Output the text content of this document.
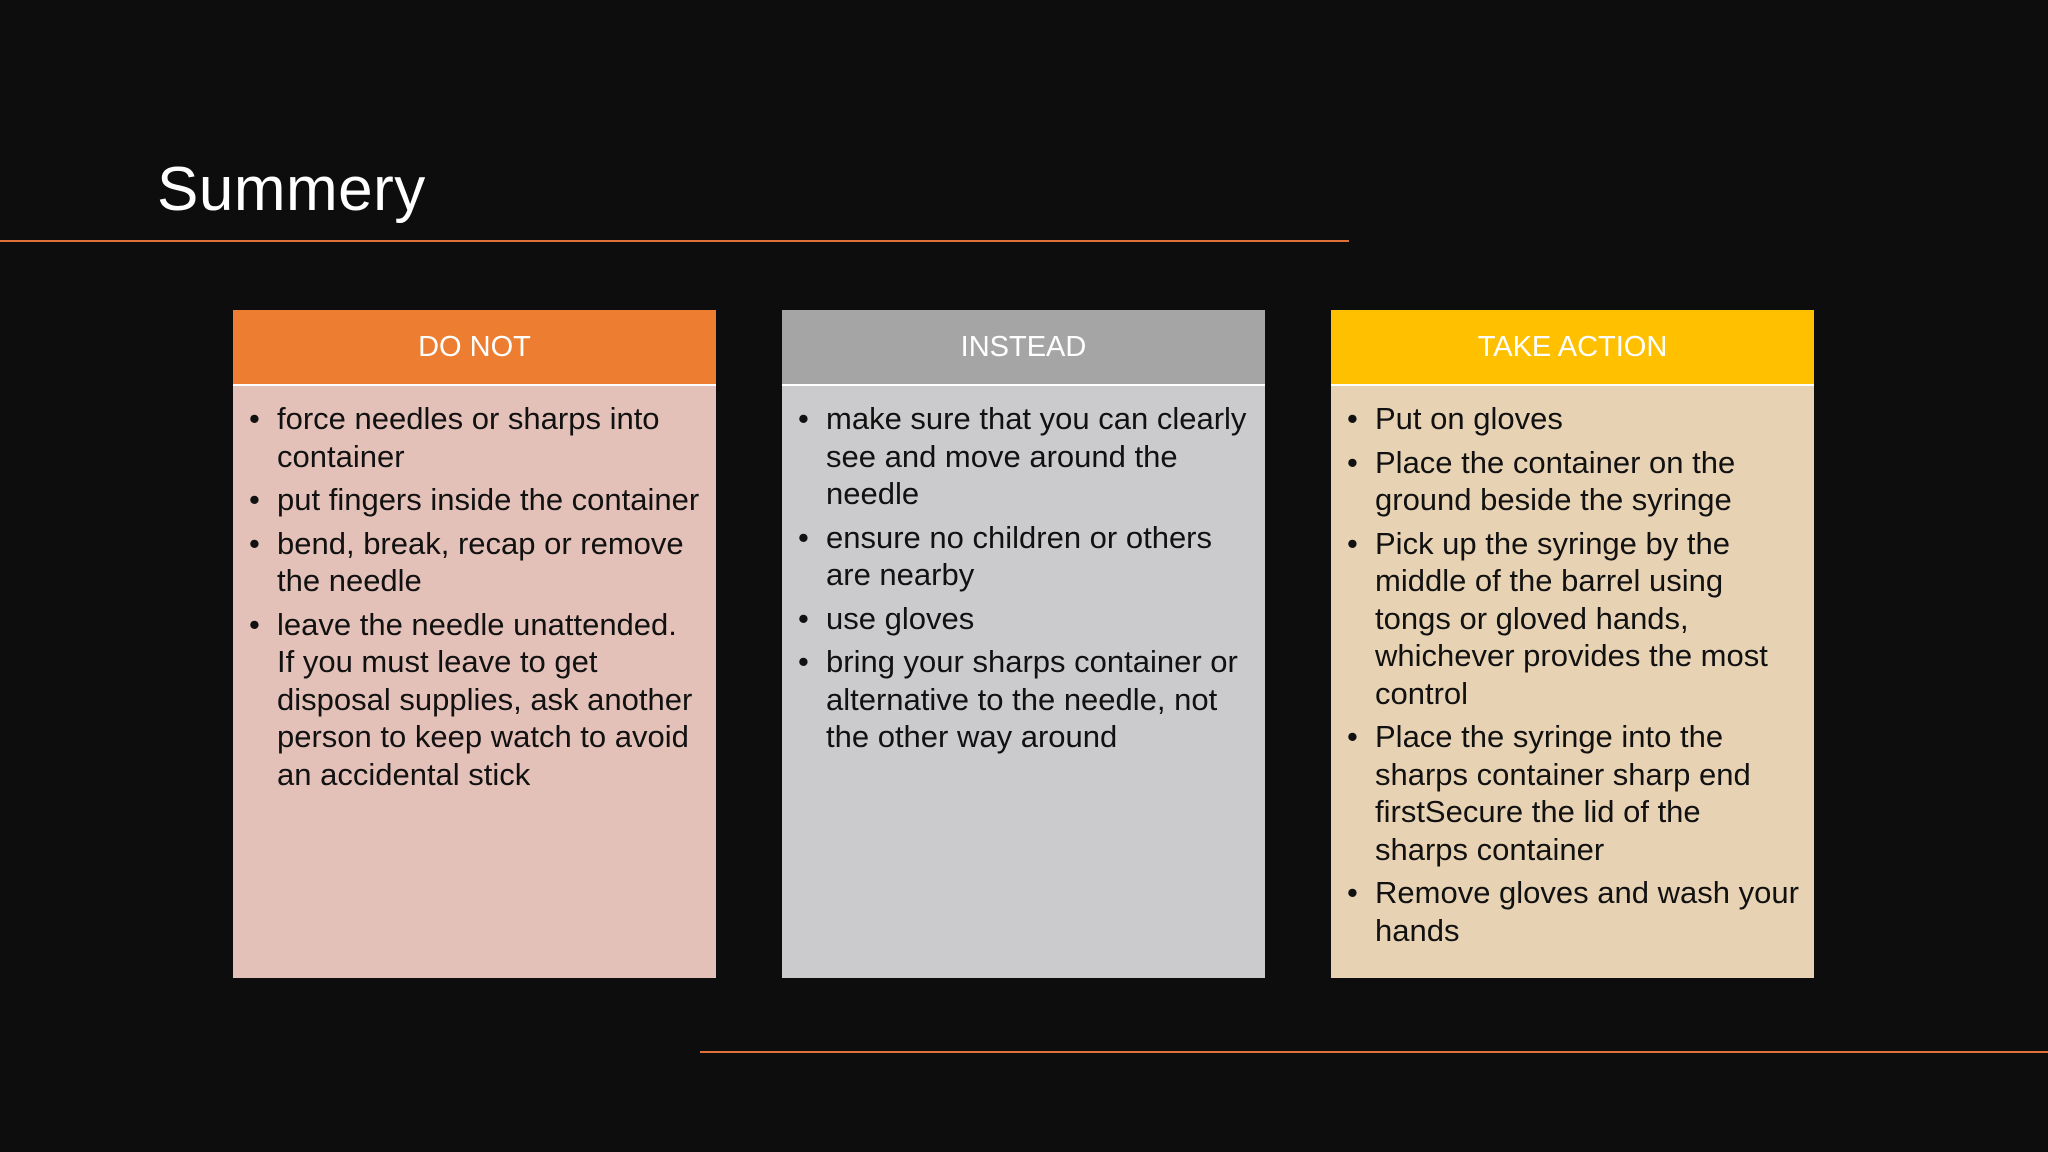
Summery
DO NOT
• force needles or sharps into container
• put fingers inside the container
• bend, break, recap or remove the needle
• leave the needle unattended. If you must leave to get disposal supplies, ask another person to keep watch to avoid an accidental stick
INSTEAD
• make sure that you can clearly see and move around the needle
• ensure no children or others are nearby
• use gloves
• bring your sharps container or alternative to the needle, not the other way around
TAKE ACTION
• Put on gloves
• Place the container on the ground beside the syringe
• Pick up the syringe by the middle of the barrel using tongs or gloved hands, whichever provides the most control
• Place the syringe into the sharps container sharp end firstSecure the lid of the sharps container
• Remove gloves and wash your hands
